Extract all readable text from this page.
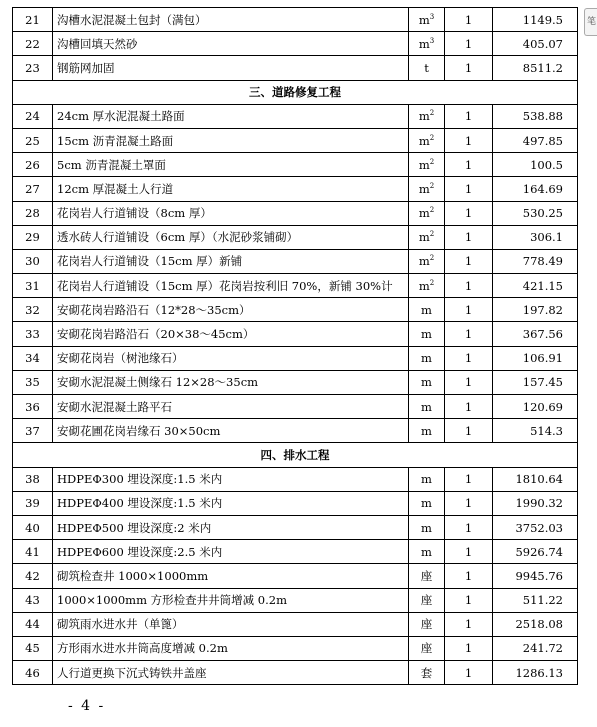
21	沟槽水泥混凝土包封（满包）	$m^3$	1	1149.5
22	沟槽回填天然砂	$m^3$	1	405.07
23	钢筋网加固	t	1	8511.2
三、道路修复工程				
24	24cm 厚水泥混凝土路面	$m^2$	1	538.88
25	15cm 沥青混凝土路面	$m^2$	1	497.85
26	5cm 沥青混凝土罩面	$m^2$	1	100.5
27	12cm 厚混凝土人行道	$m^2$	1	164.69
28	花岗岩人行道铺设（8cm 厚）	$m^2$	1	530.25
29	透水砖人行道铺设（6cm 厚）（水泥砂浆铺砌）	$m^2$	1	306.1
30	花岗岩人行道铺设（15cm 厚）新铺	$m^2$	1	778.49
31	花岗岩人行道铺设（15cm 厚）花岗岩按利旧 70%，新铺 30%计	$m^2$	1	421.15
32	安砌花岗岩路沿石（12*28～35cm）	m	1	197.82
33	安砌花岗岩路沿石（20×38～45cm）	m	1	367.56
34	安砌花岗岩（树池缘石）	m	1	106.91
35	安砌水泥混凝土侧缘石 12×28～35cm	m	1	157.45
36	安砌水泥混凝土路平石	m	1	120.69
37	安砌花圃花岗岩缘石 30×50cm	m	1	514.3
四、排水工程				
38	HDPEΦ300 埋设深度:1.5 米内	m	1	1810.64
39	HDPEΦ400 埋设深度:1.5 米内	m	1	1990.32
40	HDPEΦ500 埋设深度:2 米内	m	1	3752.03
41	HDPEΦ600 埋设深度:2.5 米内	m	1	5926.74
42	砌筑检查井 1000×1000mm	座	1	9945.76
43	1000×1000mm 方形检查井井筒增减 0.2m	座	1	511.22
44	砌筑雨水进水井（单篦）	座	1	2518.08
45	方形雨水进水井筒高度增减 0.2m	座	1	241.72
46	人行道更换下沉式铸铁井盖座	套	1	1286.13
- 4 -
笔
